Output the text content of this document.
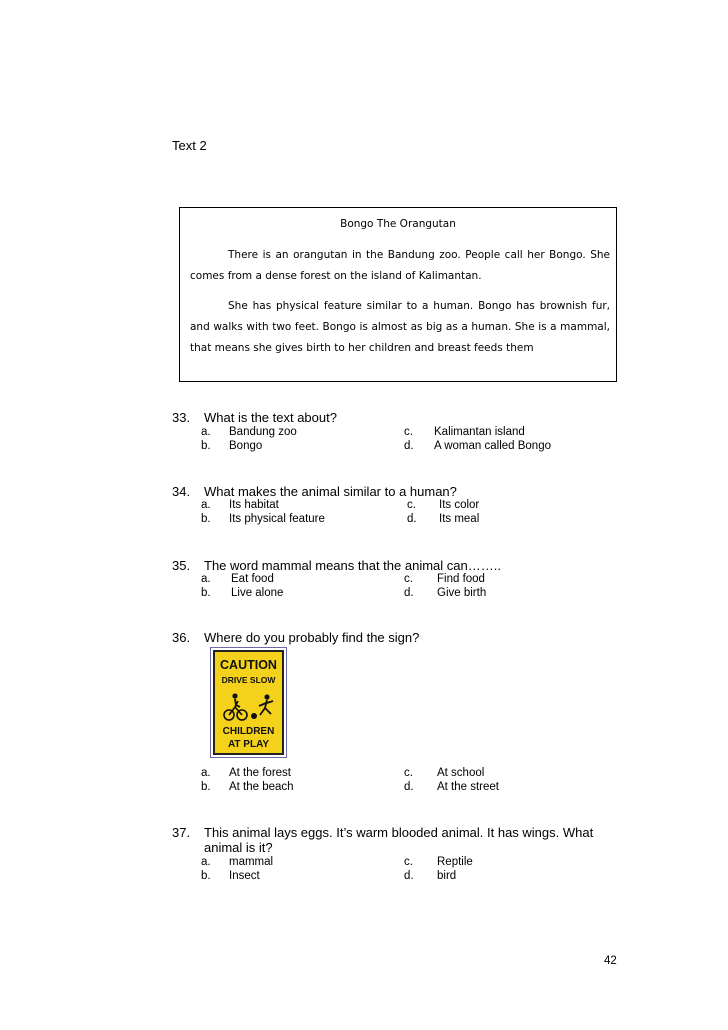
Text 2
Bongo The Orangutan
There is an orangutan in the Bandung zoo. People call her Bongo. She comes from a dense forest on the island of Kalimantan.
She has physical feature similar to a human. Bongo has brownish fur, and walks with two feet. Bongo is almost as big as a human. She is a mammal, that means she gives birth to her children and breast feeds them
33. What is the text about?
a. Bandung zoo
b. Bongo
c. Kalimantan island
d. A woman called Bongo
34. What makes the animal similar to a human?
a. Its habitat
b. Its physical feature
c. Its color
d. Its meal
35. The word mammal means that the animal can……..
a. Eat food
b. Live alone
c. Find food
d. Give birth
36. Where do you probably find the sign?
CAUTION
DRIVE SLOW
CHILDREN
AT PLAY
a. At the forest
b. At the beach
c. At school
d. At the street
37. This animal lays eggs. It’s warm blooded animal. It has wings. What
animal is it?
a. mammal
b. Insect
c. Reptile
d. bird
42
